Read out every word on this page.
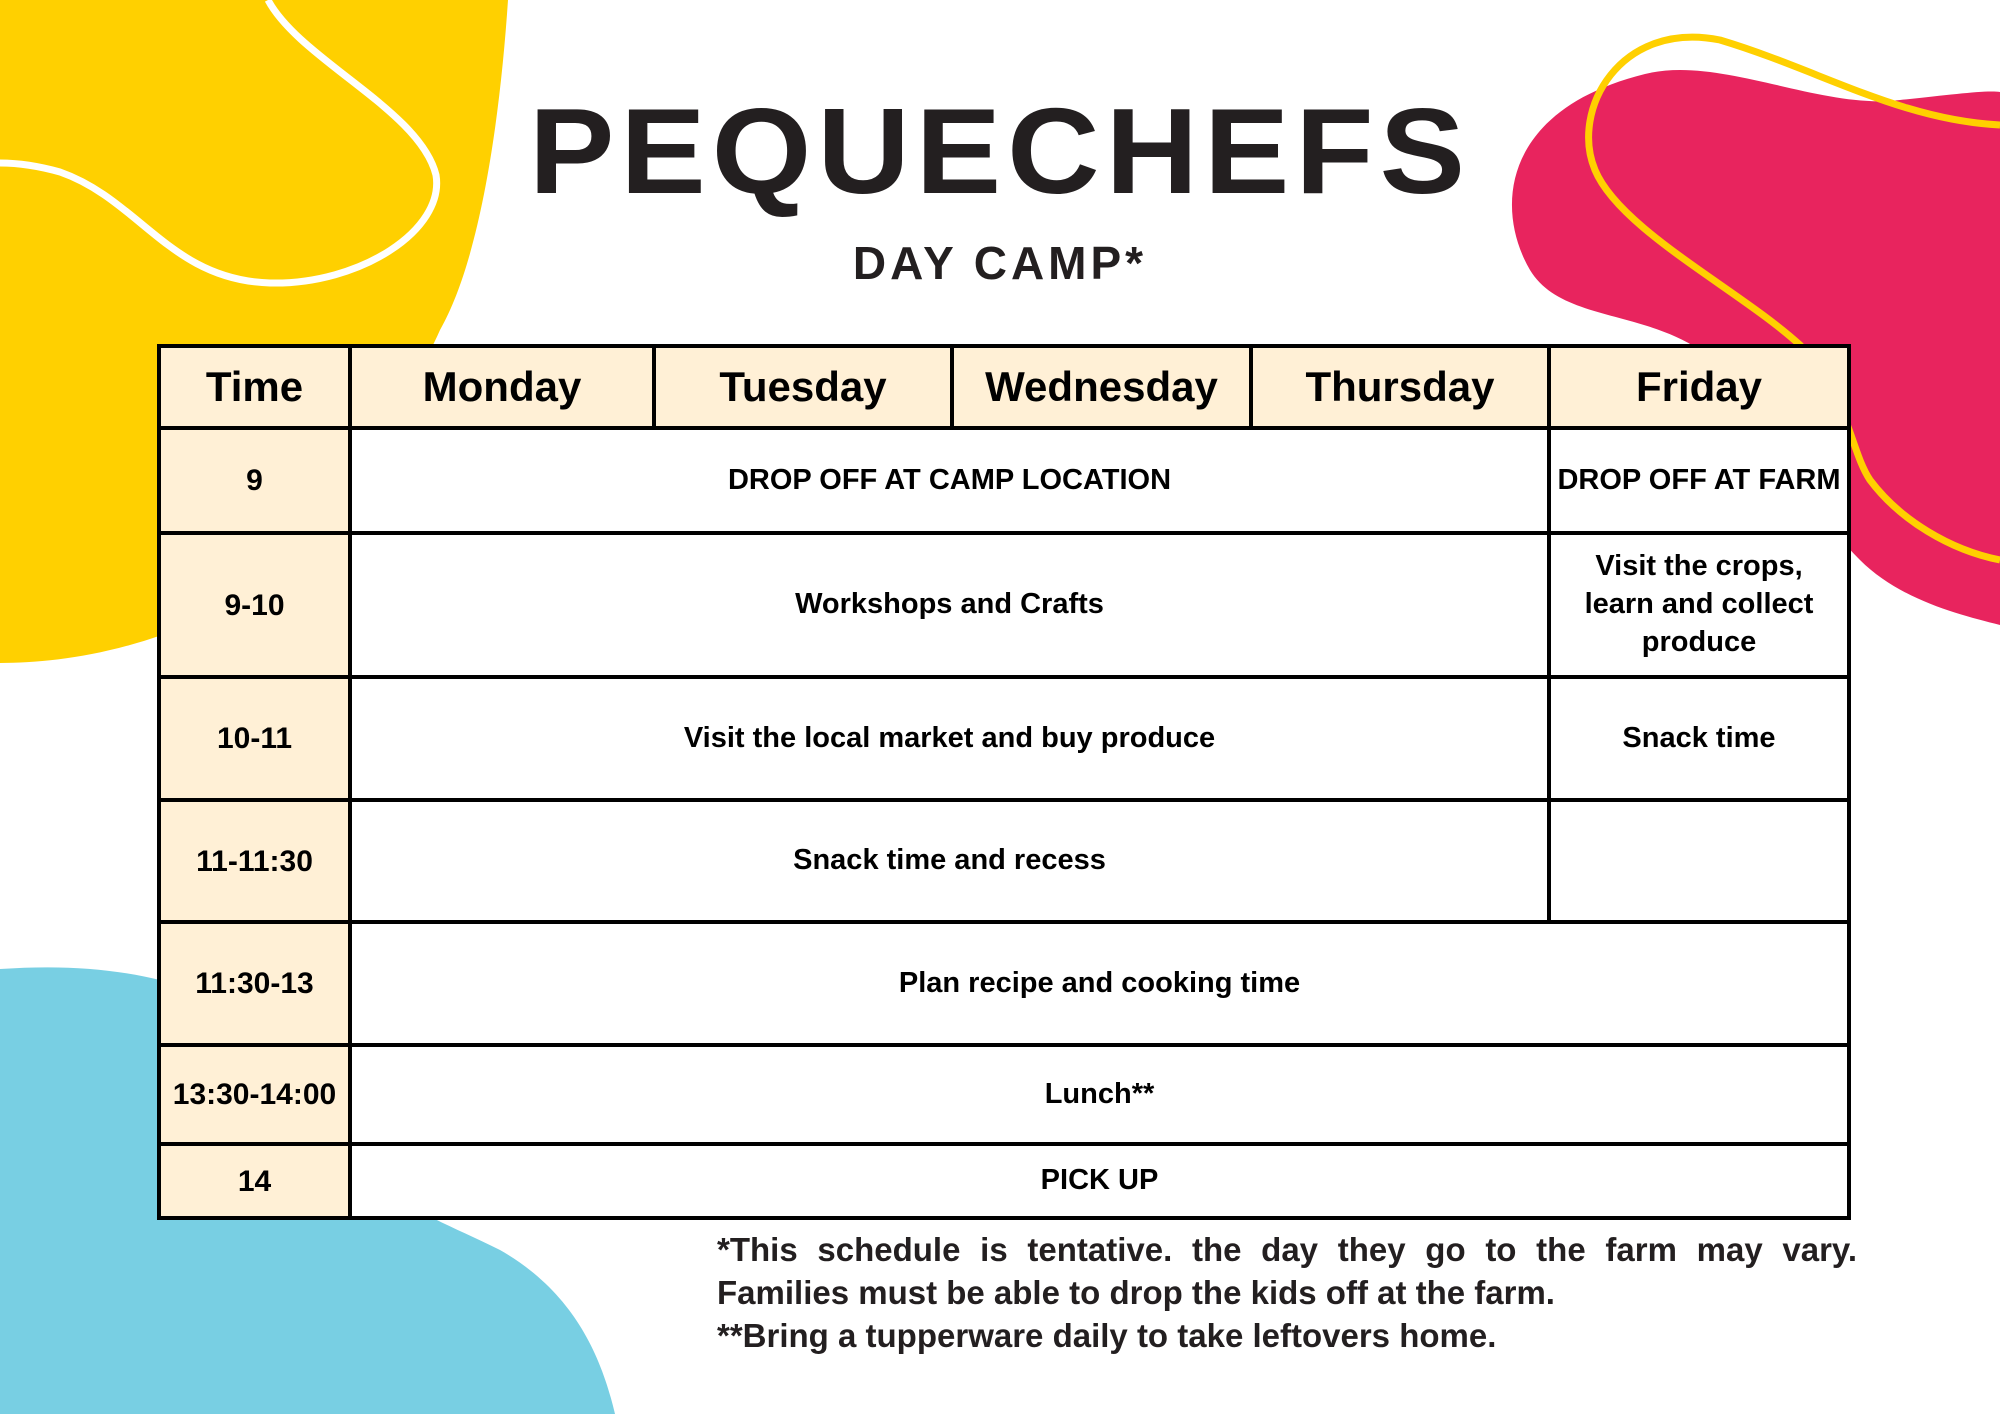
PEQUECHEFS
DAY CAMP*
Time	Monday	Tuesday	Wednesday	Thursday	Friday
9	DROP OFF AT CAMP LOCATION				DROP OFF AT FARM
9-10	Workshops and Crafts				Visit the crops, learn and collect produce
10-11	Visit the local market and buy produce				Snack time
11-11:30	Snack time and recess				
11:30-13	Plan recipe and cooking time				
13:30-14:00	Lunch**				
14	PICK UP				
*This schedule is tentative. the day they go to the farm may vary.
Families must be able to drop the kids off at the farm.
**Bring a tupperware daily to take leftovers home.
